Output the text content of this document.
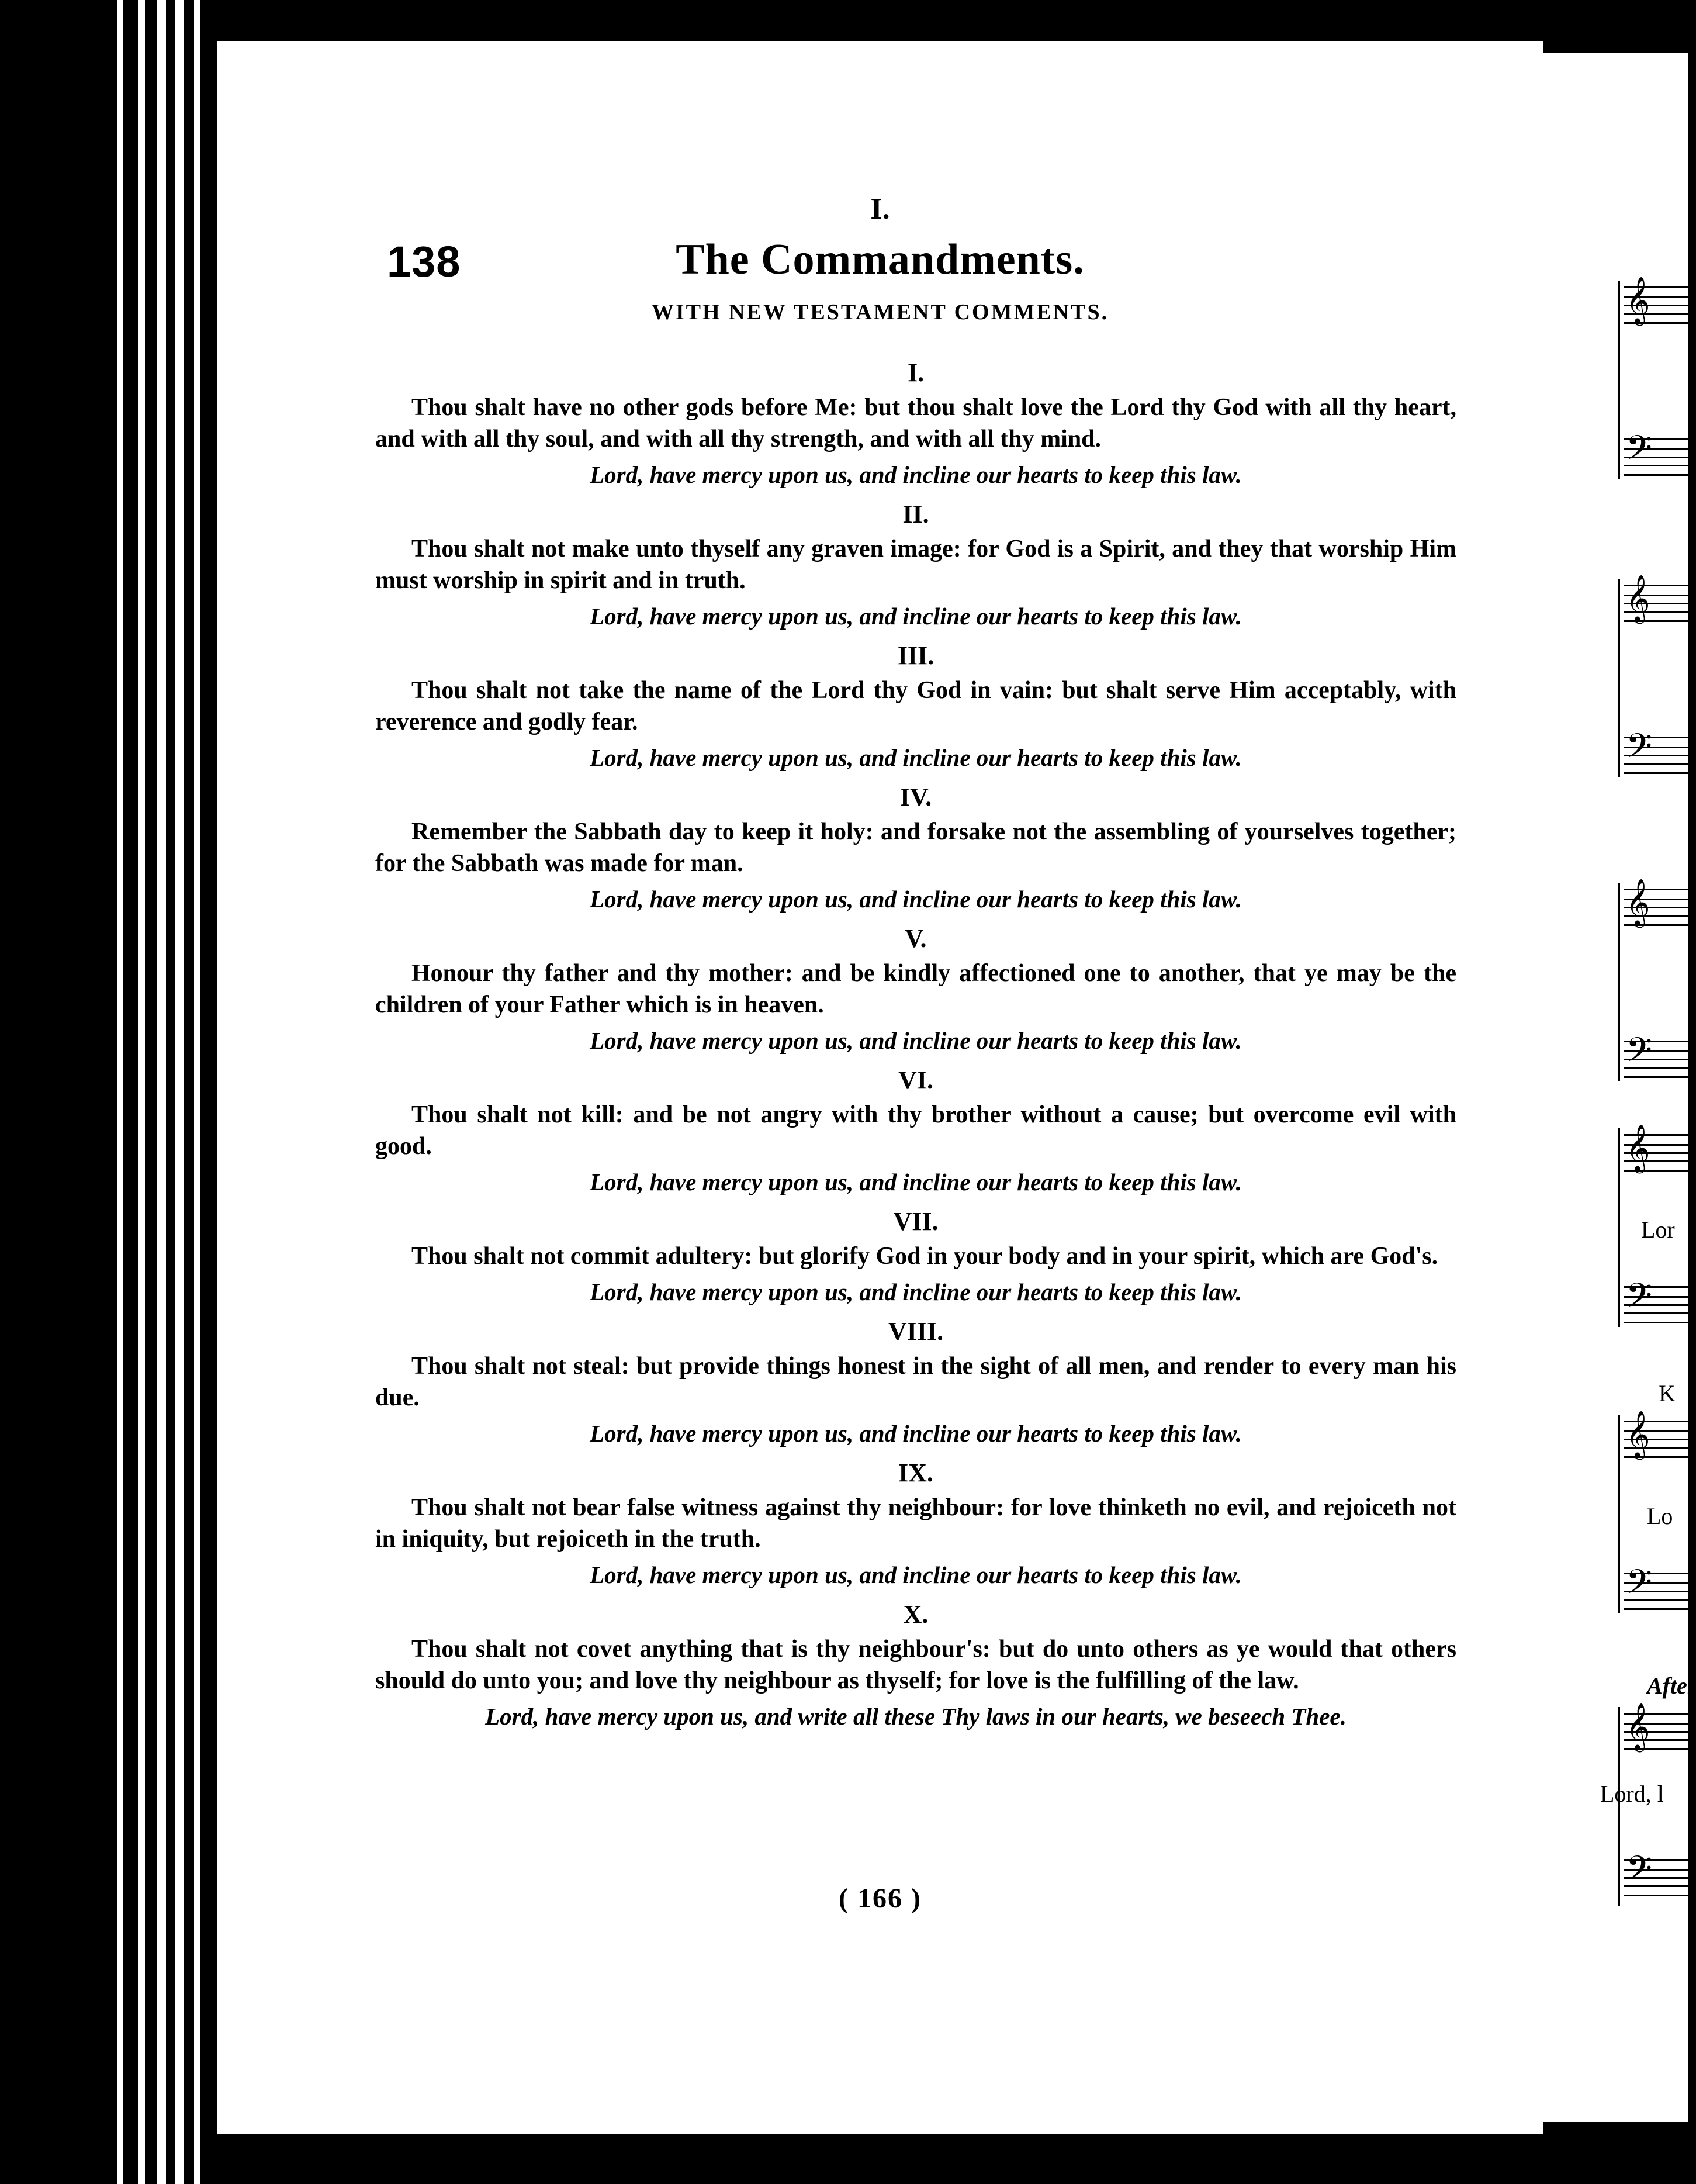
I.
138	The Commandments.
WITH NEW TESTAMENT COMMENTS.

I.

Thou shalt have no other gods before Me: but thou shalt love the Lord thy God with all thy heart, and with all thy soul, and with all thy strength, and with all thy mind.

Lord, have mercy upon us, and incline our hearts to keep this law.

II.

Thou shalt not make unto thyself any graven image: for God is a Spirit, and they that worship Him must worship in spirit and in truth.

Lord, have mercy upon us, and incline our hearts to keep this law.

III.

Thou shalt not take the name of the Lord thy God in vain: but shalt serve Him acceptably, with reverence and godly fear.

Lord, have mercy upon us, and incline our hearts to keep this law.

IV.

Remember the Sabbath day to keep it holy: and forsake not the assembling of yourselves together; for the Sabbath was made for man.

Lord, have mercy upon us, and incline our hearts to keep this law.

V.

Honour thy father and thy mother: and be kindly affectioned one to another, that ye may be the children of your Father which is in heaven.

Lord, have mercy upon us, and incline our hearts to keep this law.

VI.

Thou shalt not kill: and be not angry with thy brother without a cause; but overcome evil with good.

Lord, have mercy upon us, and incline our hearts to keep this law.

VII.

Thou shalt not commit adultery: but glorify God in your body and in your spirit, which are God's.

Lord, have mercy upon us, and incline our hearts to keep this law.

VIII.

Thou shalt not steal: but provide things honest in the sight of all men, and render to every man his due.

Lord, have mercy upon us, and incline our hearts to keep this law.

IX.

Thou shalt not bear false witness against thy neighbour: for love thinketh no evil, and rejoiceth not in iniquity, but rejoiceth in the truth.

Lord, have mercy upon us, and incline our hearts to keep this law.

X.

Thou shalt not covet anything that is thy neighbour's: but do unto others as ye would that others should do unto you; and love thy neighbour as thyself; for love is the fulfilling of the law.

Lord, have mercy upon us, and write all these Thy laws in our hearts, we beseech Thee.

( 166 )
𝄞
𝄢
𝄞
𝄢
𝄞
𝄢
𝄞
Lor
𝄢
K
𝄞
Lo
𝄢
After
𝄞
Lord, l
𝄢
